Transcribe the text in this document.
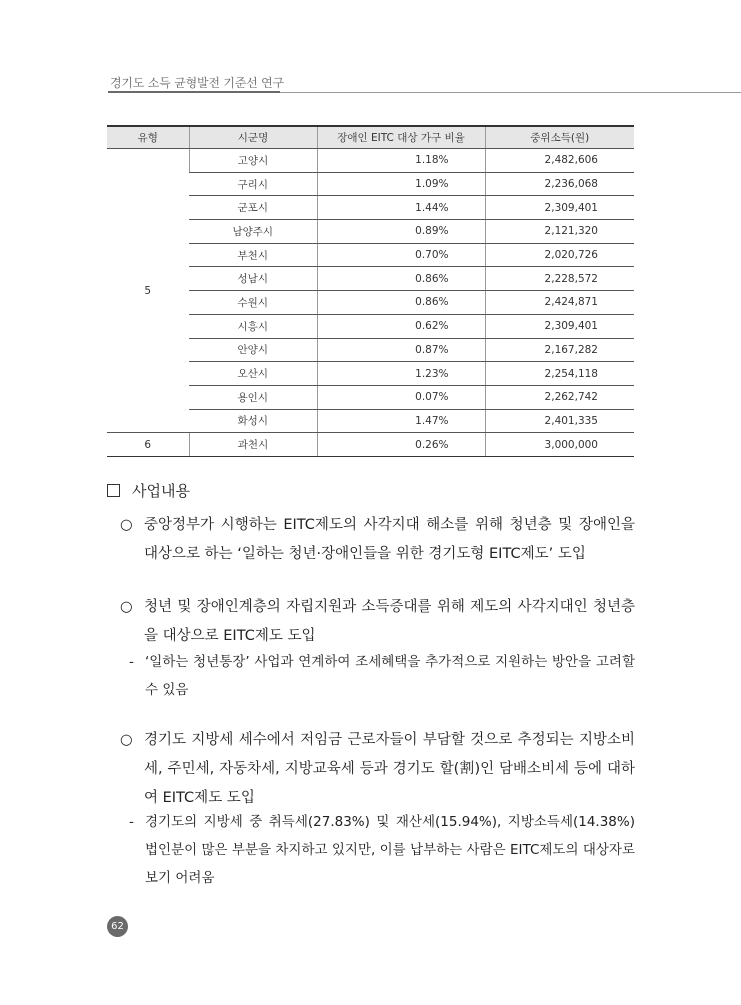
경기도 소득 균형발전 기준선 연구
유형	시군명	장애인 EITC 대상 가구 비율	중위소득(원)
5	고양시	1.18%	2,482,606
	구리시	1.09%	2,236,068
	군포시	1.44%	2,309,401
	남양주시	0.89%	2,121,320
	부천시	0.70%	2,020,726
	성남시	0.86%	2,228,572
	수원시	0.86%	2,424,871
	시흥시	0.62%	2,309,401
	안양시	0.87%	2,167,282
	오산시	1.23%	2,254,118
	용인시	0.07%	2,262,742
	화성시	1.47%	2,401,335
6	과천시	0.26%	3,000,000
사업내용
○ 중앙정부가 시행하는 EITC제도의 사각지대 해소를 위해 청년층 및 장애인을 대상으로 하는 ‘일하는 청년·장애인들을 위한 경기도형 EITC제도’ 도입
○ 청년 및 장애인계층의 자립지원과 소득증대를 위해 제도의 사각지대인 청년층을 대상으로 EITC제도 도입
- ‘일하는 청년통장’ 사업과 연계하여 조세혜택을 추가적으로 지원하는 방안을 고려할 수 있음
○ 경기도 지방세 세수에서 저임금 근로자들이 부담할 것으로 추정되는 지방소비세, 주민세, 자동차세, 지방교육세 등과 경기도 할(割)인 담배소비세 등에 대하여 EITC제도 도입
- 경기도의 지방세 중 취득세(27.83%) 및 재산세(15.94%), 지방소득세(14.38%) 법인분이 많은 부분을 차지하고 있지만, 이를 납부하는 사람은 EITC제도의 대상자로 보기 어려움
62
